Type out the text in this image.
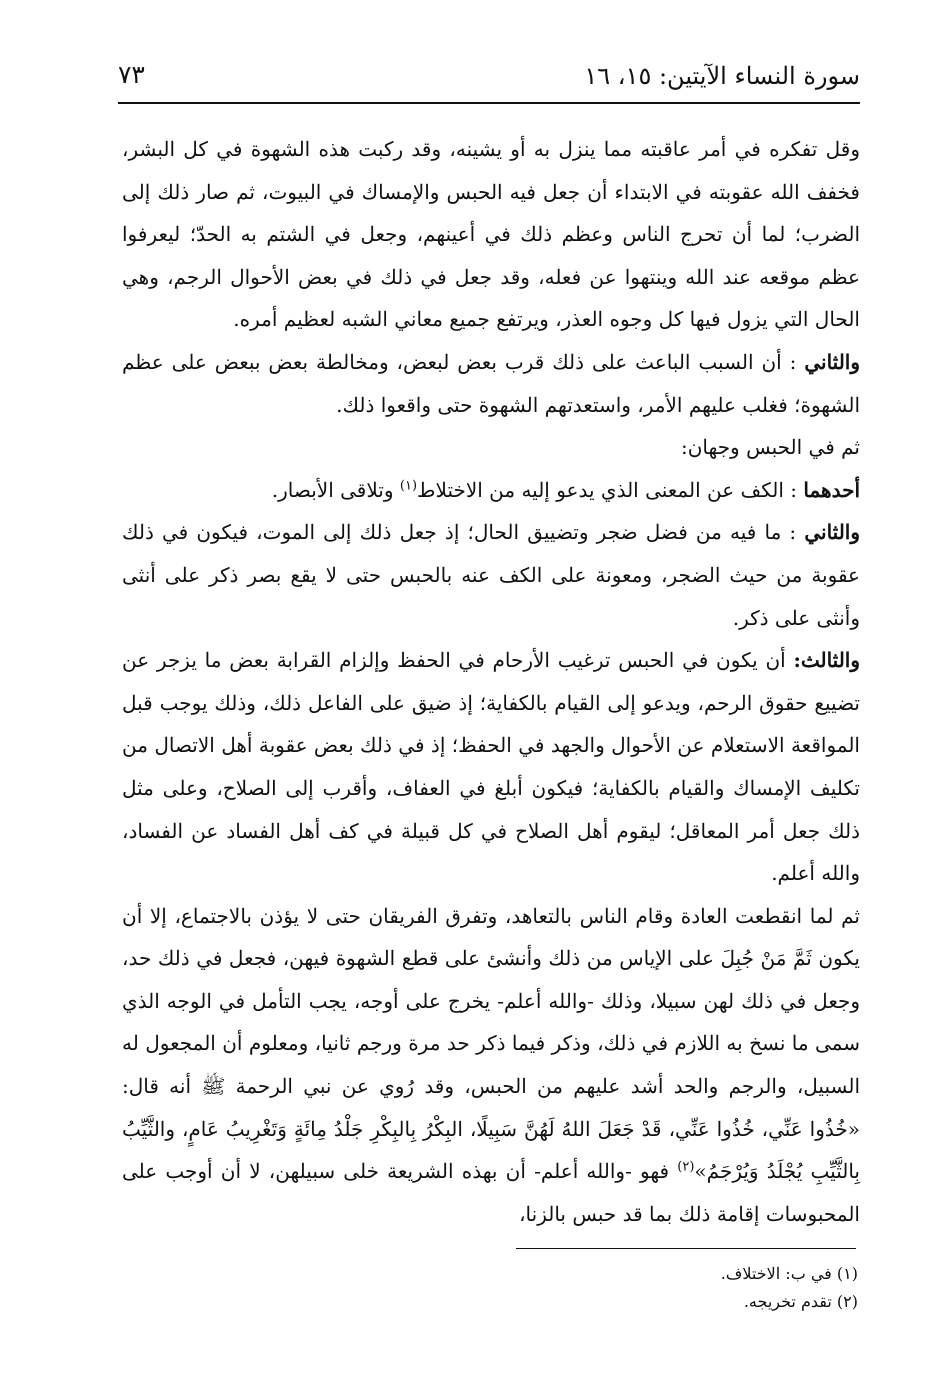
سورة النساء الآيتين: ١٥، ١٦
٧٣

وقل تفكره في أمر عاقبته مما ينزل به أو يشينه، وقد ركبت هذه الشهوة في كل البشر، فخفف الله عقوبته في الابتداء أن جعل فيه الحبس والإمساك في البيوت، ثم صار ذلك إلى الضرب؛ لما أن تحرج الناس وعظم ذلك في أعينهم، وجعل في الشتم به الحدّ؛ ليعرفوا عظم موقعه عند الله وينتهوا عن فعله، وقد جعل في ذلك في بعض الأحوال الرجم، وهي الحال التي يزول فيها كل وجوه العذر، ويرتفع جميع معاني الشبه لعظيم أمره.

والثاني : أن السبب الباعث على ذلك قرب بعض لبعض، ومخالطة بعض ببعض على عظم الشهوة؛ فغلب عليهم الأمر، واستعدتهم الشهوة حتى واقعوا ذلك.

ثم في الحبس وجهان:

أحدهما : الكف عن المعنى الذي يدعو إليه من الاختلاط$^{(١)}$ وتلاقى الأبصار.

والثاني : ما فيه من فضل ضجر وتضييق الحال؛ إذ جعل ذلك إلى الموت، فيكون في ذلك عقوبة من حيث الضجر، ومعونة على الكف عنه بالحبس حتى لا يقع بصر ذكر على أنثى وأنثى على ذكر.

والثالث: أن يكون في الحبس ترغيب الأرحام في الحفظ وإلزام القرابة بعض ما يزجر عن تضييع حقوق الرحم، ويدعو إلى القيام بالكفاية؛ إذ ضيق على الفاعل ذلك، وذلك يوجب قبل المواقعة الاستعلام عن الأحوال والجهد في الحفظ؛ إذ في ذلك بعض عقوبة أهل الاتصال من تكليف الإمساك والقيام بالكفاية؛ فيكون أبلغ في العفاف، وأقرب إلى الصلاح، وعلى مثل ذلك جعل أمر المعاقل؛ ليقوم أهل الصلاح في كل قبيلة في كف أهل الفساد عن الفساد، والله أعلم.

ثم لما انقطعت العادة وقام الناس بالتعاهد، وتفرق الفريقان حتى لا يؤذن بالاجتماع، إلا أن يكون ثَمَّ مَنْ جُبِلَ على الإياس من ذلك وأنشئ على قطع الشهوة فيهن، فجعل في ذلك حد، وجعل في ذلك لهن سبيلا، وذلك -والله أعلم- يخرج على أوجه، يجب التأمل في الوجه الذي سمى ما نسخ به اللازم في ذلك، وذكر فيما ذكر حد مرة ورجم ثانيا، ومعلوم أن المجعول له السبيل، والرجم والحد أشد عليهم من الحبس، وقد رُوي عن نبي الرحمة ﷺ أنه قال: «خُذُوا عَنِّي، خُذُوا عَنِّي، قَدْ جَعَلَ اللهُ لَهُنَّ سَبِيلًا، البِكْرُ بِالبِكْرِ جَلْدُ مِائَةٍ وَتَغْرِيبُ عَامٍ، والثَّيِّبُ بِالثَّيِّبِ يُجْلَدُ وَيُرْجَمُ»$^{(٢)}$ فهو -والله أعلم- أن بهذه الشريعة خلى سبيلهن، لا أن أوجب على المحبوسات إقامة ذلك بما قد حبس بالزنا،

(١) في ب: الاختلاف.
(٢) تقدم تخريجه.
